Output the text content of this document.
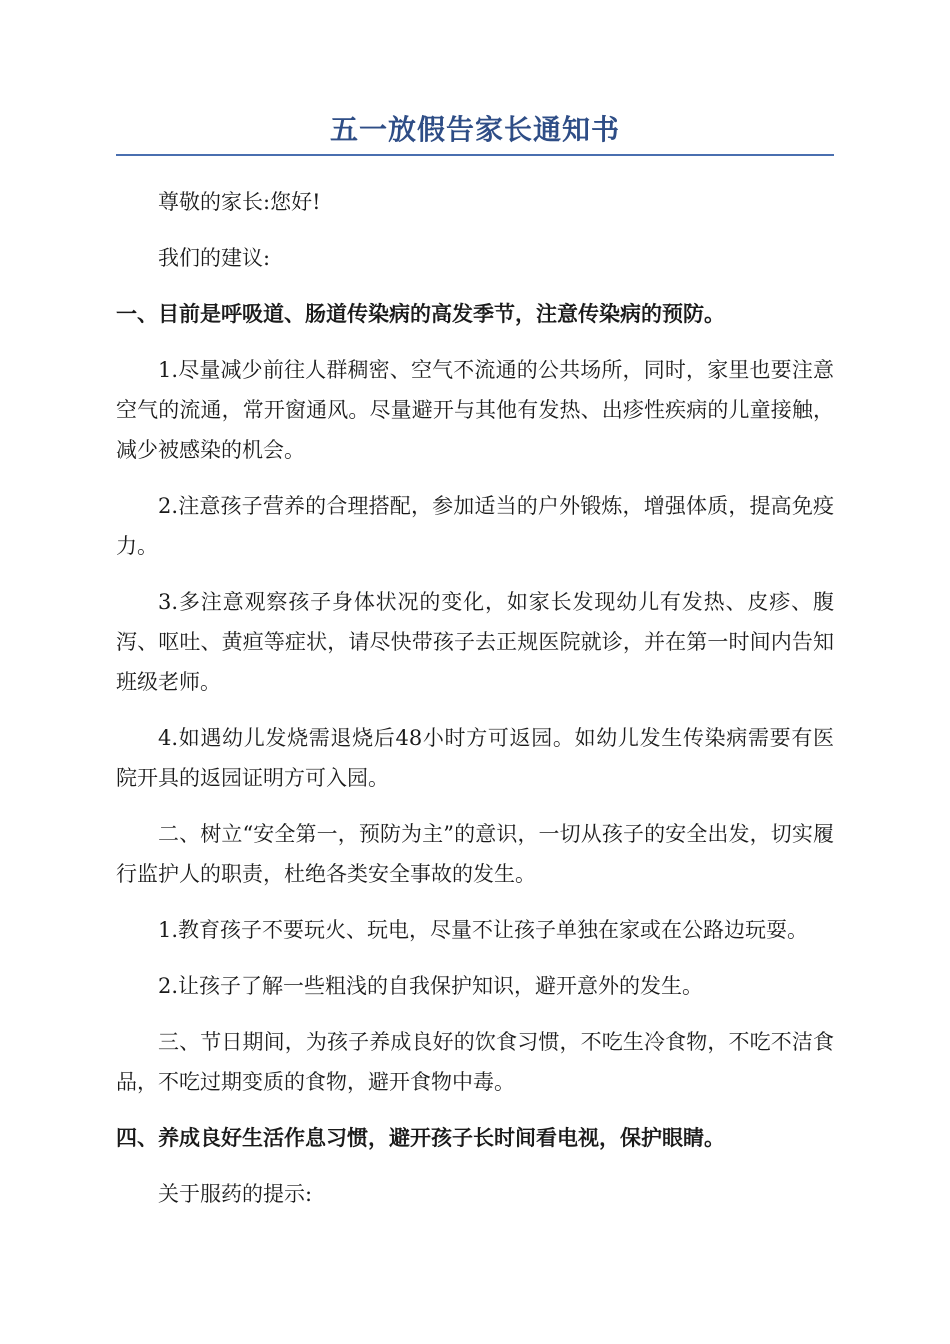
五一放假告家长通知书

尊敬的家长:您好!

我们的建议:

一、目前是呼吸道、肠道传染病的高发季节，注意传染病的预防。

1.尽量减少前往人群稠密、空气不流通的公共场所，同时，家里也要注意空气的流通，常开窗通风。尽量避开与其他有发热、出疹性疾病的儿童接触，减少被感染的机会。

2.注意孩子营养的合理搭配，参加适当的户外锻炼，增强体质，提高免疫力。

3.多注意观察孩子身体状况的变化，如家长发现幼儿有发热、皮疹、腹泻、呕吐、黄疸等症状，请尽快带孩子去正规医院就诊，并在第一时间内告知班级老师。

4.如遇幼儿发烧需退烧后48小时方可返园。如幼儿发生传染病需要有医院开具的返园证明方可入园。

二、树立“安全第一，预防为主”的意识，一切从孩子的安全出发，切实履行监护人的职责，杜绝各类安全事故的发生。

1.教育孩子不要玩火、玩电，尽量不让孩子单独在家或在公路边玩耍。

2.让孩子了解一些粗浅的自我保护知识，避开意外的发生。

三、节日期间，为孩子养成良好的饮食习惯，不吃生冷食物，不吃不洁食品，不吃过期变质的食物，避开食物中毒。

四、养成良好生活作息习惯，避开孩子长时间看电视，保护眼睛。

关于服药的提示:
